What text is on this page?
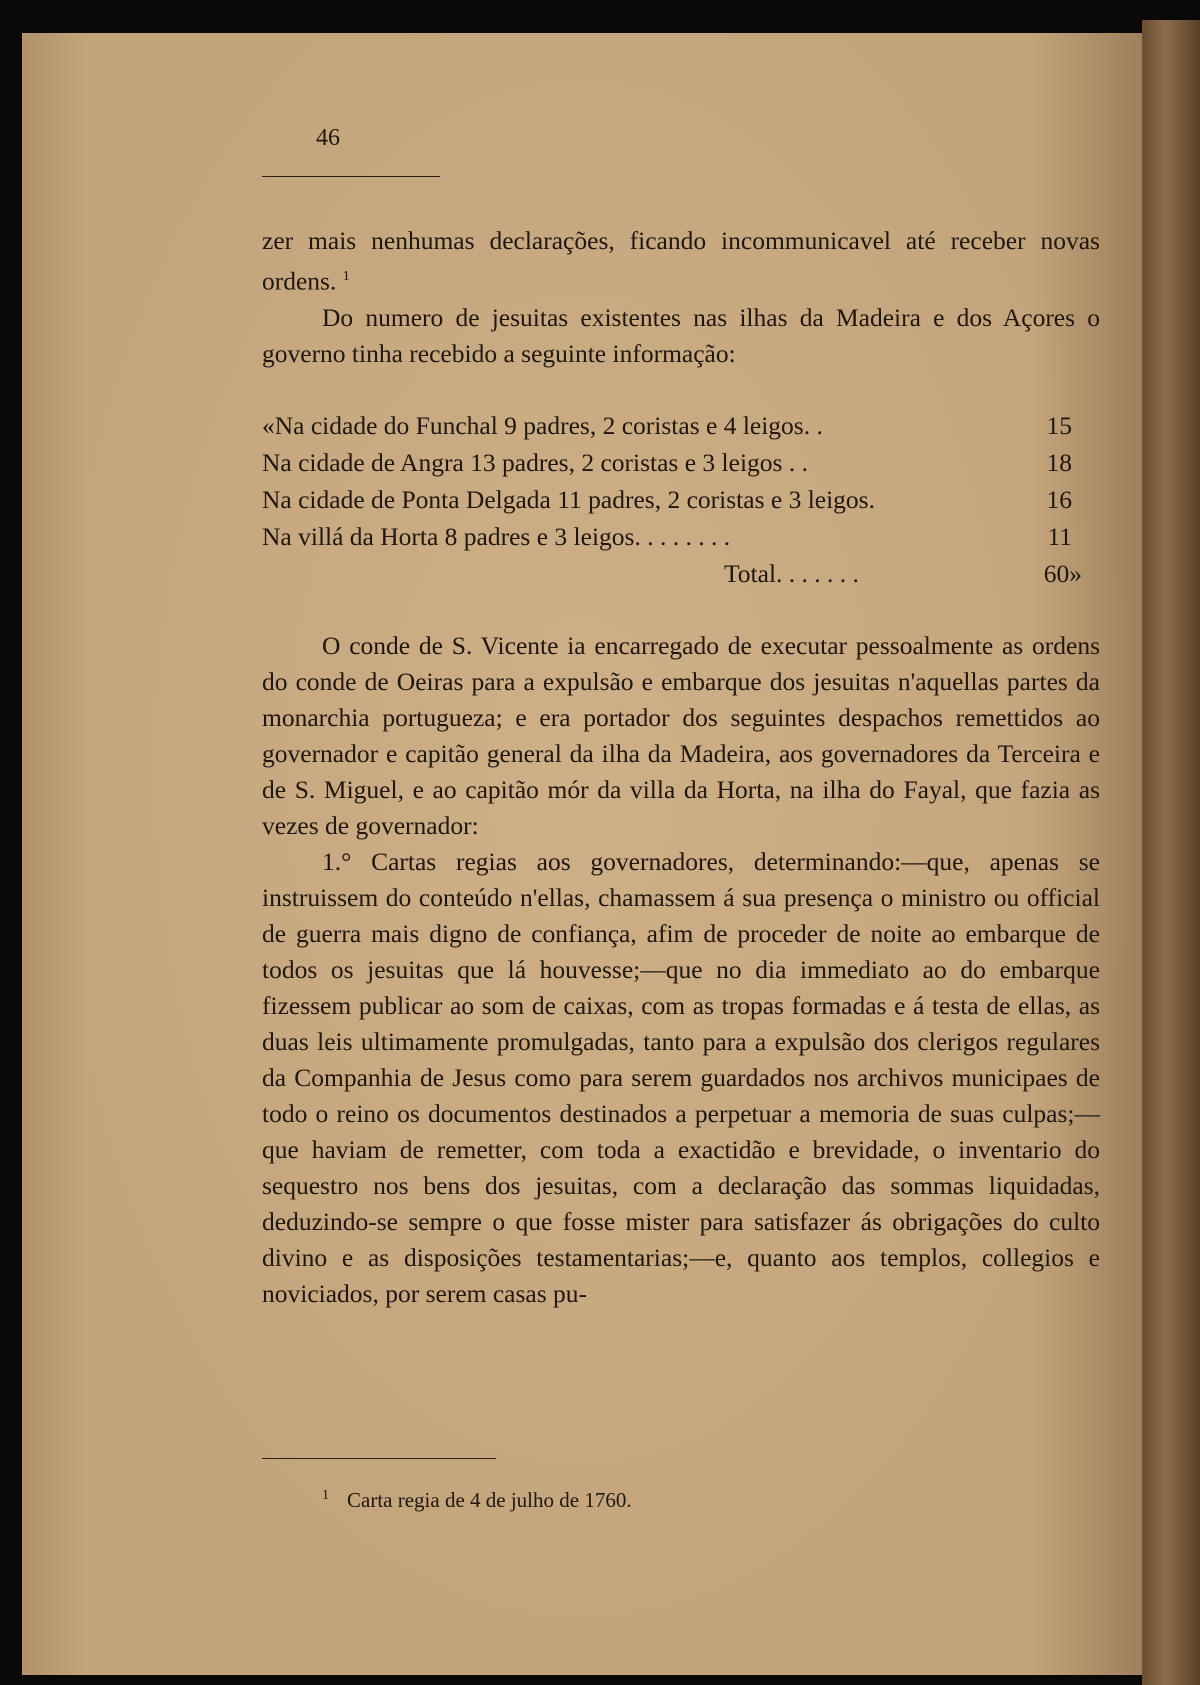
46

zer mais nenhumas declarações, ficando incommunicavel até receber novas ordens. $^1$

Do numero de jesuitas existentes nas ilhas da Madeira e dos Açores o governo tinha recebido a seguinte informação:

«Na cidade do Funchal 9 padres, 2 coristas e 4 leigos. .	15
Na cidade de Angra 13 padres, 2 coristas e 3 leigos . .	18
Na cidade de Ponta Delgada 11 padres, 2 coristas e 3 leigos.	16
Na villá da Horta 8 padres e 3 leigos. . . . . . . .	11
Total. . . . . . .	60»

O conde de S. Vicente ia encarregado de executar pessoalmente as ordens do conde de Oeiras para a expulsão e embarque dos jesuitas n'aquellas partes da monarchia portugueza; e era portador dos seguintes despachos remettidos ao governador e capitão general da ilha da Madeira, aos governadores da Terceira e de S. Miguel, e ao capitão mór da villa da Horta, na ilha do Fayal, que fazia as vezes de governador:

1.° Cartas regias aos governadores, determinando:—que, apenas se instruissem do conteúdo n'ellas, chamassem á sua presença o ministro ou official de guerra mais digno de confiança, afim de proceder de noite ao embarque de todos os jesuitas que lá houvesse;—que no dia immediato ao do embarque fizessem publicar ao som de caixas, com as tropas formadas e á testa de ellas, as duas leis ultimamente promulgadas, tanto para a expulsão dos clerigos regulares da Companhia de Jesus como para serem guardados nos archivos municipaes de todo o reino os documentos destinados a perpetuar a memoria de suas culpas;—que haviam de remetter, com toda a exactidão e brevidade, o inventario do sequestro nos bens dos jesuitas, com a declaração das sommas liquidadas, deduzindo-se sempre o que fosse mister para satisfazer ás obrigações do culto divino e as disposições testamentarias;—e, quanto aos templos, collegios e noviciados, por serem casas pu-

$^1$ Carta regia de 4 de julho de 1760.
